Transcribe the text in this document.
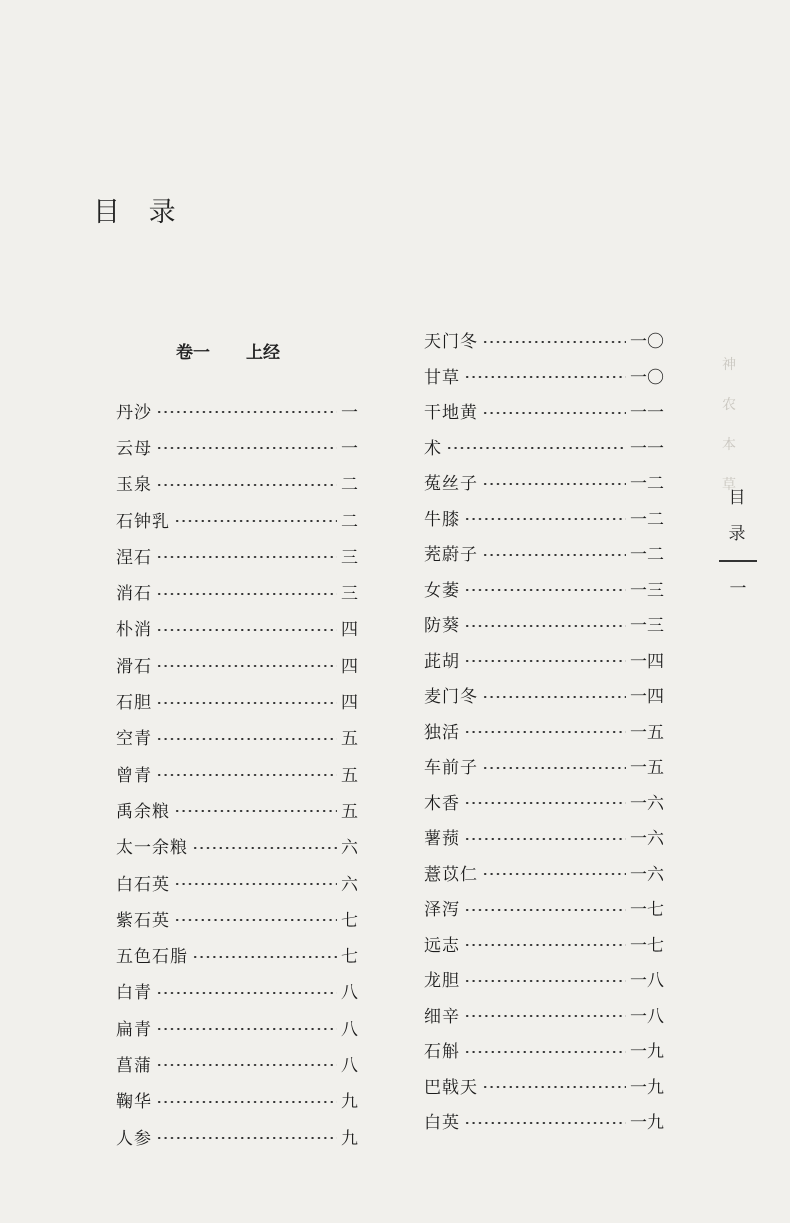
神
农
本
草
目 录
卷一 上经
丹沙	一
云母	一
玉泉	二
石钟乳	二
涅石	三
消石	三
朴消	四
滑石	四
石胆	四
空青	五
曾青	五
禹余粮	五
太一余粮	六
白石英	六
紫石英	七
五色石脂	七
白青	八
扁青	八
菖蒲	八
鞠华	九
人参	九
天门冬	一〇
甘草	一〇
干地黄	一一
术	一一
菟丝子	一二
牛膝	一二
茺蔚子	一二
女萎	一三
防葵	一三
茈胡	一四
麦门冬	一四
独活	一五
车前子	一五
木香	一六
薯蓣	一六
薏苡仁	一六
泽泻	一七
远志	一七
龙胆	一八
细辛	一八
石斛	一九
巴戟天	一九
白英	一九
目
录
一
